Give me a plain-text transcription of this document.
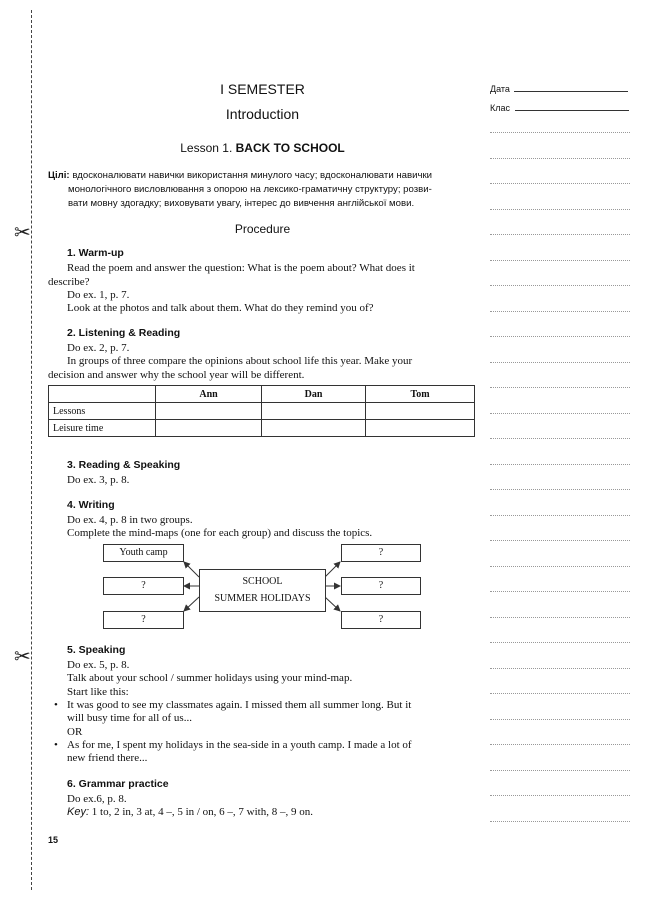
✂
✂
Дата
Клас
I SEMESTER
Introduction
Lesson 1. BACK TO SCHOOL
Цілі: вдосконалювати навички використання минулого часу; вдосконалювати навички
монологічного висловлювання з опорою на лексико-граматичну структуру; розви-
вати мовну здогадку; виховувати увагу, інтерес до вивчення англійської мови.
Procedure
1. Warm-up
Read the poem and answer the question: What is the poem about? What does it
describe?
Do ex. 1, p. 7.
Look at the photos and talk about them. What do they remind you of?
2. Listening & Reading
Do ex. 2, p. 7.
In groups of three compare the opinions about school life this year. Make your
decision and answer why the school year will be different.
	Ann	Dan	Tom
Lessons			
Leisure time			
3. Reading & Speaking
Do ex. 3, p. 8.
4. Writing
Do ex. 4, p. 8 in two groups.
Complete the mind-maps (one for each group) and discuss the topics.
SCHOOL
SUMMER HOLIDAYS
Youth camp
?
?
?
?
?
5. Speaking
Do ex. 5, p. 8.
Talk about your school / summer holidays using your mind-map.
Start like this:
• It was good to see my classmates again. I missed them all summer long. But it
will busy time for all of us...
OR
• As for me, I spent my holidays in the sea-side in a youth camp. I made a lot of
new friend there...
6. Grammar practice
Do ex.6, p. 8.
Key: 1 to, 2 in, 3 at, 4 –, 5 in / on, 6 –, 7 with, 8 –, 9 on.
15
